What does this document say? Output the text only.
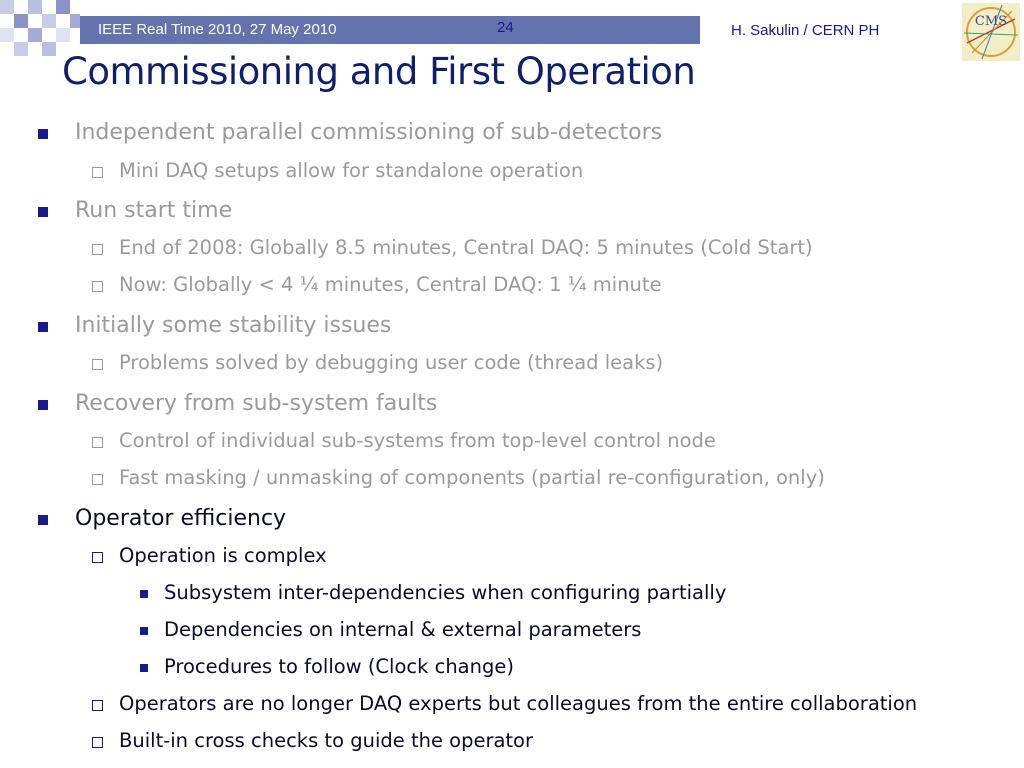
IEEE Real Time 2010, 27 May 2010	24	H. Sakulin / CERN PH
CMS
Commissioning and First Operation
Independent parallel commissioning of sub-detectors
Mini DAQ setups allow for standalone operation
Run start time
End of 2008: Globally 8.5 minutes, Central DAQ: 5 minutes (Cold Start)
Now: Globally < 4 ¼ minutes, Central DAQ: 1 ¼ minute
Initially some stability issues
Problems solved by debugging user code (thread leaks)
Recovery from sub-system faults
Control of individual sub-systems from top-level control node
Fast masking / unmasking of components (partial re-configuration, only)
Operator efficiency
Operation is complex
Subsystem inter-dependencies when configuring partially
Dependencies on internal & external parameters
Procedures to follow (Clock change)
Operators are no longer DAQ experts but colleagues from the entire collaboration
Built-in cross checks to guide the operator
